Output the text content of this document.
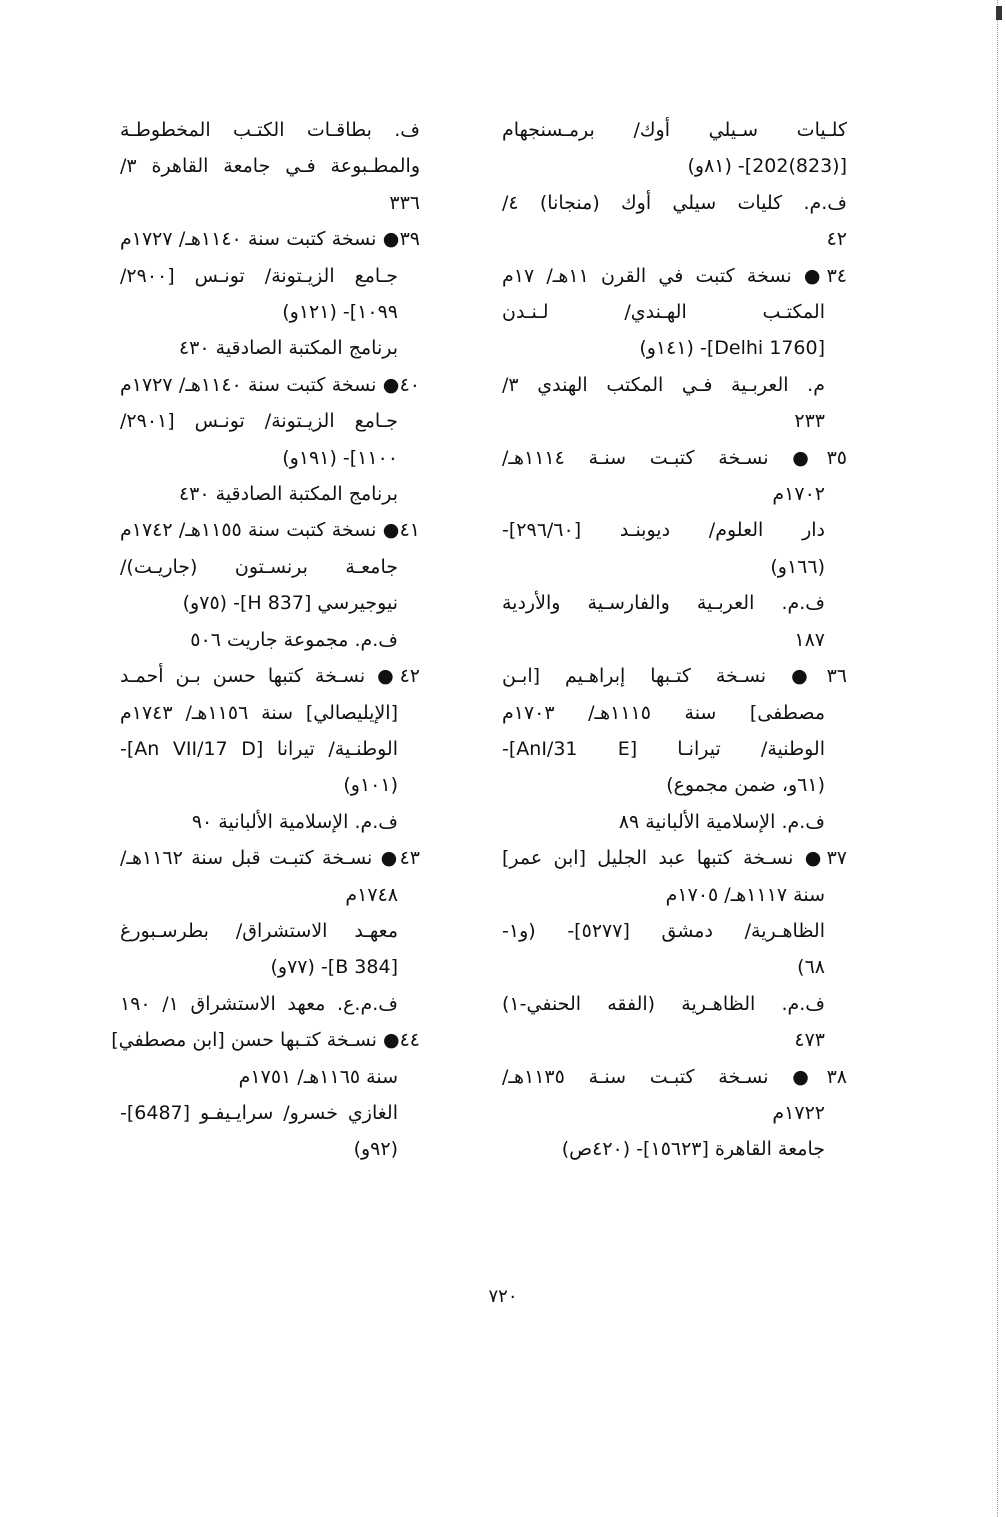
كلـيات سـيلي أوك/ برمـسنجهام
[(823)202]- (٨١و)
ف.م. كليات سيلي أوك (منجانا) ٤/
٤٢
٣٤● نسخة كتبت في القرن ١١هـ/ ١٧م
المكتـب الهـندي/ لـنـدن
[Delhi 1760]- (١٤١و)
م. العربـية فـي المكتب الهندي ٣/
٢٣٣
٣٥● نسـخة كتبـت سنـة ١١١٤هـ/
١٧٠٢م
دار العلوم/ ديوبنـد [٢٩٦/٦٠]-
(١٦٦و)
ف.م. العربـية والفارسـية والأردية
١٨٧
٣٦● نسـخة كتـبها إبراهـيم [ابـن
مصطفى] سنة ١١١٥هـ/ ١٧٠٣م
الوطنية/ تيرانـا [AnI/31 E]-
(٦١و، ضمن مجموع)
ف.م. الإسلامية الألبانية ٨٩
٣٧● نسـخة كتبها عبد الجليل [ابن عمر]
سنة ١١١٧هـ/ ١٧٠٥م
الظاهـرية/ دمشق [٥٢٧٧]- (و١-
٦٨)
ف.م. الظاهـرية (الفقه الحنفي-١)
٤٧٣
٣٨● نسـخة كتبـت سنـة ١١٣٥هـ/
١٧٢٢م
جامعة القاهرة [١٥٦٢٣]- (٤٢٠ص)
ف. بطاقـات الكتـب المخطوطـة
والمطـبوعة فـي جامعة القاهرة ٣/
٣٣٦
٣٩● نسخة كتبت سنة ١١٤٠هـ/ ١٧٢٧م
جـامع الزيـتونة/ تونـس [٢٩٠٠/
١٠٩٩]- (١٢١و)
برنامج المكتبة الصادقية ٤٣٠
٤٠● نسخة كتبت سنة ١١٤٠هـ/ ١٧٢٧م
جـامع الزيـتونة/ تونـس [٢٩٠١/
١١٠٠]- (١٩١و)
برنامج المكتبة الصادقية ٤٣٠
٤١● نسخة كتبت سنة ١١٥٥هـ/ ١٧٤٢م
جامعـة برنسـتون (جاريـت)/
نيوجيرسي [H 837]- (٧٥و)
ف.م. مجموعة جاريت ٥٠٦
٤٢● نسـخة كتبها حسن بـن أحمـد
[الإيليصالي] سنة ١١٥٦هـ/ ١٧٤٣م
الوطنـية/ تيرانا [An VII/17 D]-
(١٠١و)
ف.م. الإسلامية الألبانية ٩٠
٤٣● نسـخة كتبـت قبل سنة ١١٦٢هـ/
١٧٤٨م
معهـد الاستشراق/ بطرسـبورغ
[B 384]- (٧٧و)
ف.م.ع. معهد الاستشراق ١/ ١٩٠
٤٤● نسـخة كتـبها حسن [ابن مصطفي]
سنة ١١٦٥هـ/ ١٧٥١م
الغازي خسرو/ سرايـيفـو [6487]-
(٩٢و)
٧٢٠
